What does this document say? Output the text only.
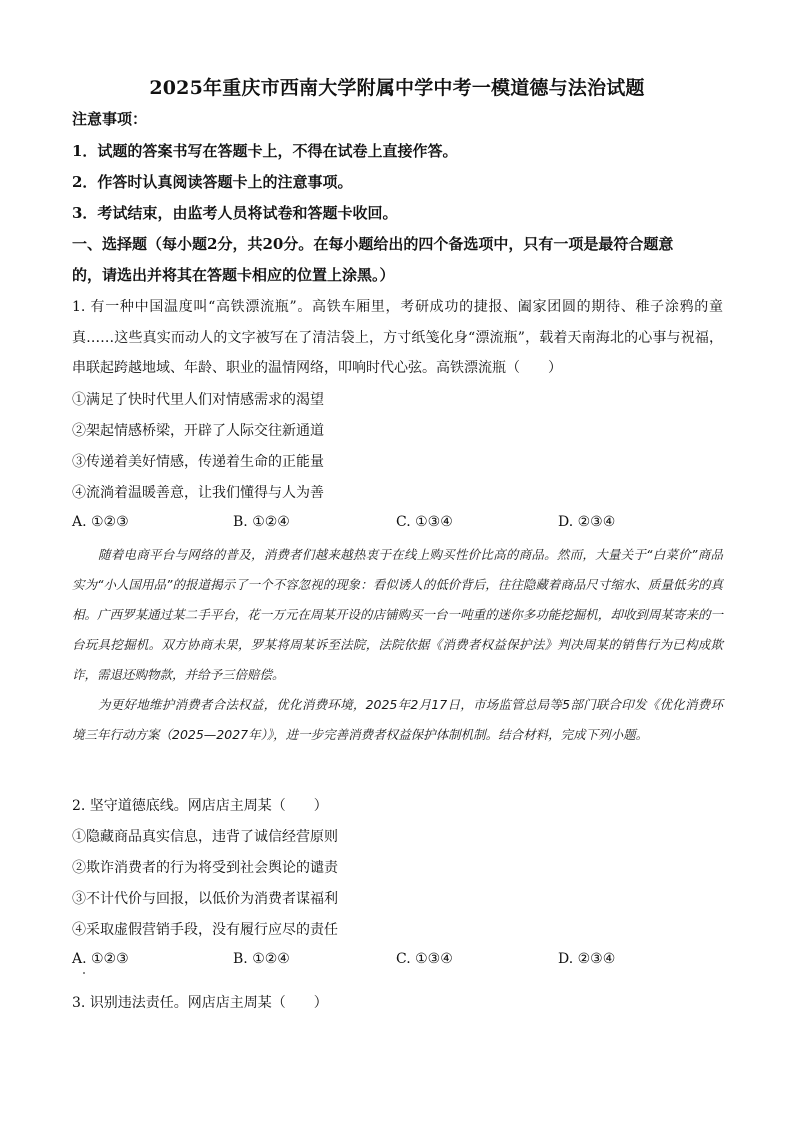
2025年重庆市西南大学附属中学中考一模道德与法治试题
注意事项：
1．试题的答案书写在答题卡上，不得在试卷上直接作答。
2．作答时认真阅读答题卡上的注意事项。
3．考试结束，由监考人员将试卷和答题卡收回。
一、选择题（每小题2分，共20分。在每小题给出的四个备选项中，只有一项是最符合题意
的，请选出并将其在答题卡相应的位置上涂黑。）
1. 有一种中国温度叫“高铁漂流瓶”。高铁车厢里，考研成功的捷报、阖家团圆的期待、稚子涂鸦的童真……这些真实而动人的文字被写在了清洁袋上，方寸纸笺化身“漂流瓶”，载着天南海北的心事与祝福，串联起跨越地域、年龄、职业的温情网络，叩响时代心弦。高铁漂流瓶（　　）
①满足了快时代里人们对情感需求的渴望
②架起情感桥梁，开辟了人际交往新通道
③传递着美好情感，传递着生命的正能量
④流淌着温暖善意，让我们懂得与人为善
A. ①②③	B. ①②④	C. ①③④	D. ②③④

随着电商平台与网络的普及，消费者们越来越热衷于在线上购买性价比高的商品。然而，大量关于“白菜价”商品实为“小人国用品”的报道揭示了一个不容忽视的现象：看似诱人的低价背后，往往隐藏着商品尺寸缩水、质量低劣的真相。广西罗某通过某二手平台，花一万元在周某开设的店铺购买一台一吨重的迷你多功能挖掘机，却收到周某寄来的一台玩具挖掘机。双方协商未果，罗某将周某诉至法院，法院依据《消费者权益保护法》判决周某的销售行为已构成欺诈，需退还购物款，并给予三倍赔偿。

为更好地维护消费者合法权益，优化消费环境，2025年2月17日，市场监管总局等5部门联合印发《优化消费环境三年行动方案（2025—2027年）》，进一步完善消费者权益保护体制机制。结合材料，完成下列小题。

2. 坚守道德底线。网店店主周某（　　）
①隐藏商品真实信息，违背了诚信经营原则
②欺诈消费者的行为将受到社会舆论的谴责
③不计代价与回报，以低价为消费者谋福利
④采取虚假营销手段，没有履行应尽的责任
A. ①②③	B. ①②④	C. ①③④	D. ②③④
3. 识别违法责任。网店店主周某（　　）
